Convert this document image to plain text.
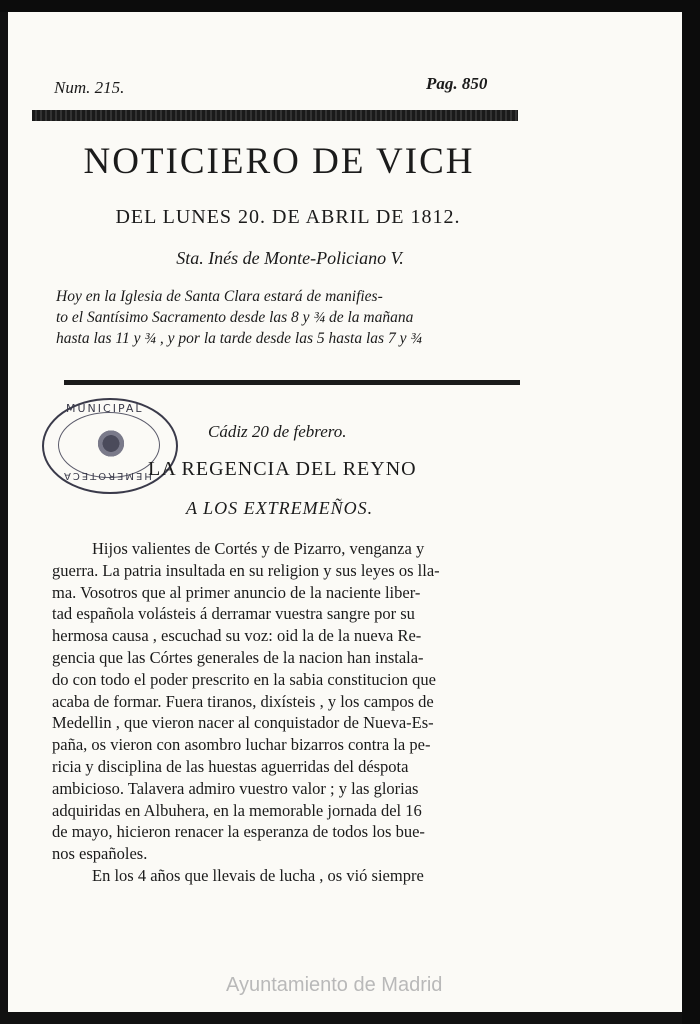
Num. 215.	Pag. 850
NOTICIERO DE VICH
DEL LUNES 20. DE ABRIL DE 1812.
Sta. Inés de Monte-Policiano V.
Hoy en la Iglesia de Santa Clara estará de manifies-
to el Santísimo Sacramento desde las 8 y ¾ de la mañana
hasta las 11 y ¾ , y por la tarde desde las 5 hasta las 7 y ¾
MUNICIPAL
HEMEROTECA
Cádiz 20 de febrero.
LA REGENCIA DEL REYNO
A LOS EXTREMEÑOS.
Hijos valientes de Cortés y de Pizarro, venganza y
guerra. La patria insultada en su religion y sus leyes os lla-
ma. Vosotros que al primer anuncio de la naciente liber-
tad española volásteis á derramar vuestra sangre por su
hermosa causa , escuchad su voz: oid la de la nueva Re-
gencia que las Córtes generales de la nacion han instala-
do con todo el poder prescrito en la sabia constitucion que
acaba de formar. Fuera tiranos, dixísteis , y los campos de
Medellin , que vieron nacer al conquistador de Nueva-Es-
paña, os vieron con asombro luchar bizarros contra la pe-
ricia y disciplina de las huestas aguerridas del déspota
ambicioso. Talavera admiro vuestro valor ; y las glorias
adquiridas en Albuhera, en la memorable jornada del 16
de mayo, hicieron renacer la esperanza de todos los bue-
nos españoles.
En los 4 años que llevais de lucha , os vió siempre
Ayuntamiento de Madrid
